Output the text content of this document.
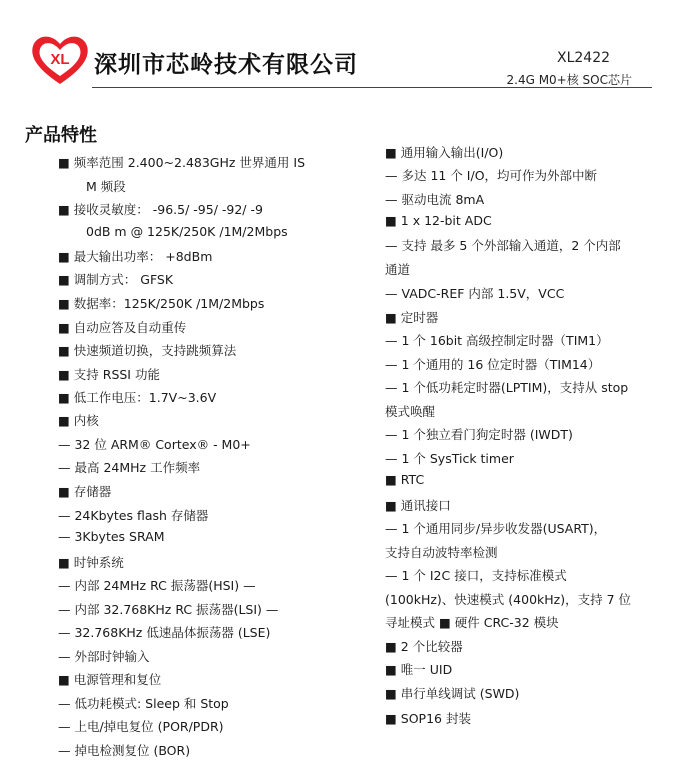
XL 深圳市芯岭技术有限公司	XL2422
2.4G M0+核 SOC芯片
产品特性
■ 频率范围 2.400~2.483GHz 世界通用 IS
M 频段
■ 接收灵敏度： -96.5/ -95/ -92/ -9
0dB m @ 125K/250K /1M/2Mbps
■ 最大输出功率： +8dBm
■ 调制方式： GFSK
■ 数据率：125K/250K /1M/2Mbps
■ 自动应答及自动重传
■ 快速频道切换，支持跳频算法
■ 支持 RSSI 功能
■ 低工作电压：1.7V~3.6V
■ 内核
— 32 位 ARM® Cortex® - M0+
— 最高 24MHz 工作频率
■ 存储器
— 24Kbytes flash 存储器
— 3Kbytes SRAM
■ 时钟系统
— 内部 24MHz RC 振荡器(HSI) —
— 内部 32.768KHz RC 振荡器(LSI) —
— 32.768KHz 低速晶体振荡器 (LSE)
— 外部时钟输入
■ 电源管理和复位
— 低功耗模式: Sleep 和 Stop
— 上电/掉电复位 (POR/PDR)
— 掉电检测复位 (BOR)
■ 通用输入输出(I/O)
— 多达 11 个 I/O，均可作为外部中断
— 驱动电流 8mA
■ 1 x 12-bit ADC
— 支持 最多 5 个外部输入通道，2 个内部
通道
— VADC-REF 内部 1.5V，VCC
■ 定时器
— 1 个 16bit 高级控制定时器（TIM1）
— 1 个通用的 16 位定时器（TIM14）
— 1 个低功耗定时器(LPTIM)，支持从 stop
模式唤醒
— 1 个独立看门狗定时器 (IWDT)
— 1 个 SysTick timer
■ RTC
■ 通讯接口
— 1 个通用同步/异步收发器(USART)，
支持自动波特率检测
— 1 个 I2C 接口，支持标准模式
(100kHz)、快速模式 (400kHz)，支持 7 位
寻址模式 ■ 硬件 CRC-32 模块
■ 2 个比较器
■ 唯一 UID
■ 串行单线调试 (SWD)
■ SOP16 封装
